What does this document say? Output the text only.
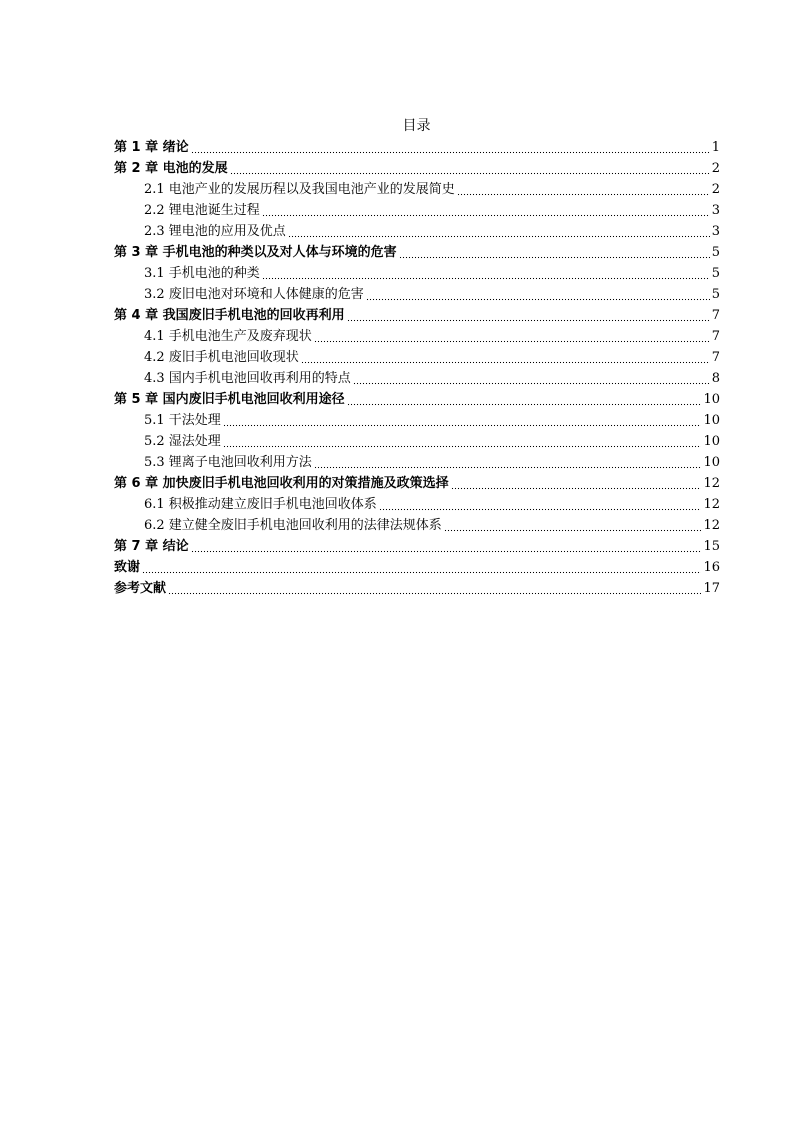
目录
第 1 章 绪论	1
第 2 章 电池的发展	2
2.1 电池产业的发展历程以及我国电池产业的发展简史	2
2.2 锂电池诞生过程	3
2.3 锂电池的应用及优点	3
第 3 章 手机电池的种类以及对人体与环境的危害	5
3.1 手机电池的种类	5
3.2 废旧电池对环境和人体健康的危害	5
第 4 章 我国废旧手机电池的回收再利用	7
4.1 手机电池生产及废弃现状	7
4.2 废旧手机电池回收现状	7
4.3 国内手机电池回收再利用的特点	8
第 5 章 国内废旧手机电池回收利用途径	10
5.1 干法处理	10
5.2 湿法处理	10
5.3 锂离子电池回收利用方法	10
第 6 章 加快废旧手机电池回收利用的对策措施及政策选择	12
6.1 积极推动建立废旧手机电池回收体系	12
6.2 建立健全废旧手机电池回收利用的法律法规体系	12
第 7 章 结论	15
致谢	16
参考文献	17
